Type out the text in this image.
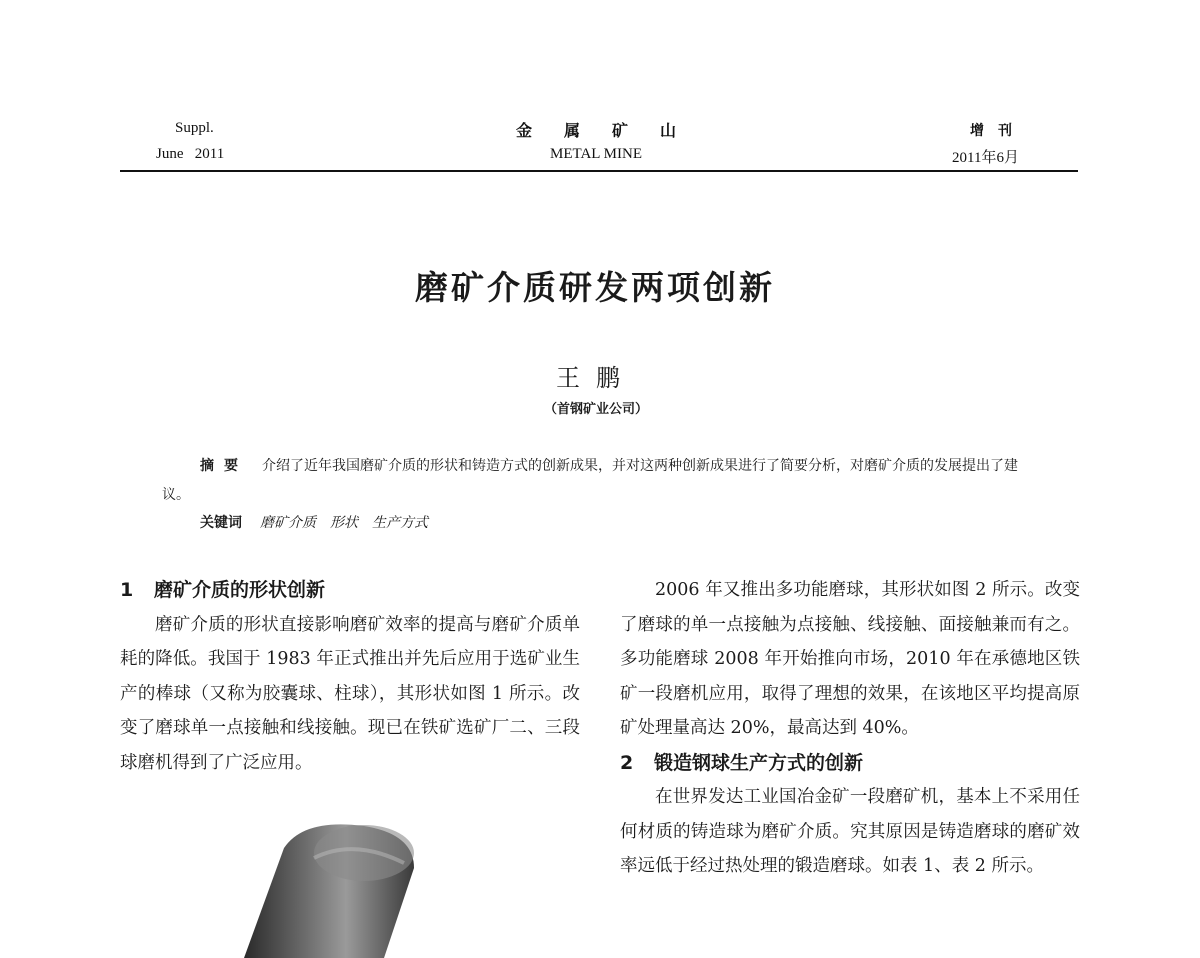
Suppl.
June   2011
金　　属　　矿　　山
METAL MINE
增　刊
2011年6月
磨矿介质研发两项创新
王鹏
（首钢矿业公司）
摘要 介绍了近年我国磨矿介质的形状和铸造方式的创新成果，并对这两种创新成果进行了简要分析，对磨矿介质的发展提出了建议。
关键词 磨矿介质　形状　生产方式
1 磨矿介质的形状创新

磨矿介质的形状直接影响磨矿效率的提高与磨矿介质单耗的降低。我国于 1983 年正式推出并先后应用于选矿业生产的棒球（又称为胶囊球、柱球），其形状如图 1 所示。改变了磨球单一点接触和线接触。现已在铁矿选矿厂二、三段球磨机得到了广泛应用。

2006 年又推出多功能磨球，其形状如图 2 所示。改变了磨球的单一点接触为点接触、线接触、面接触兼而有之。多功能磨球 2008 年开始推向市场，2010 年在承德地区铁矿一段磨机应用，取得了理想的效果，在该地区平均提高原矿处理量高达 20%，最高达到 40%。

2 锻造钢球生产方式的创新

在世界发达工业国冶金矿一段磨矿机，基本上不采用任何材质的铸造球为磨矿介质。究其原因是铸造磨球的磨矿效率远低于经过热处理的锻造磨球。如表 1、表 2 所示。
